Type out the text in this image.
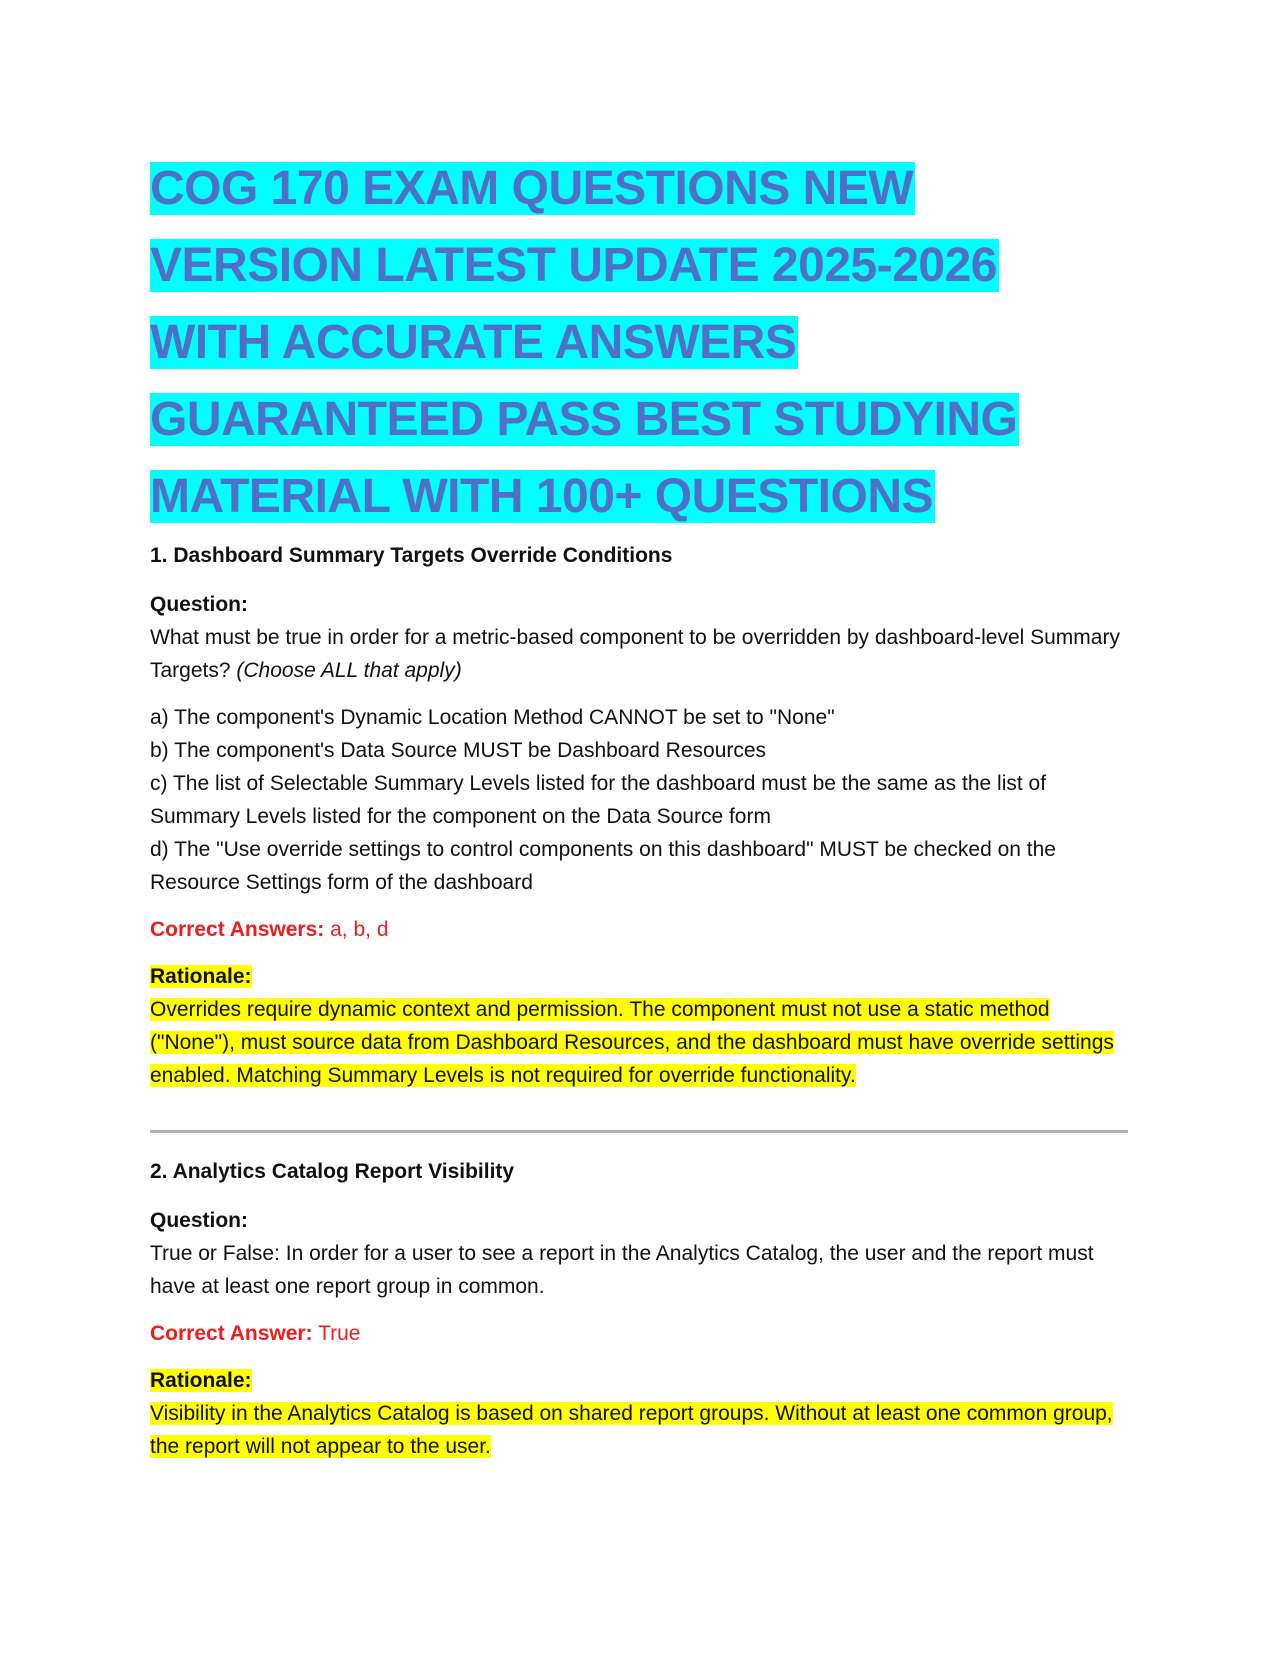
COG 170 EXAM QUESTIONS NEW
VERSION LATEST UPDATE 2025-2026
WITH ACCURATE ANSWERS
GUARANTEED PASS BEST STUDYING
MATERIAL WITH 100+ QUESTIONS

1. Dashboard Summary Targets Override Conditions

Question:

What must be true in order for a metric-based component to be overridden by dashboard-level Summary Targets? (Choose ALL that apply)

a) The component's Dynamic Location Method CANNOT be set to "None"
b) The component's Data Source MUST be Dashboard Resources
c) The list of Selectable Summary Levels listed for the dashboard must be the same as the list of Summary Levels listed for the component on the Data Source form
d) The "Use override settings to control components on this dashboard" MUST be checked on the Resource Settings form of the dashboard

Correct Answers: a, b, d

Rationale:

Overrides require dynamic context and permission. The component must not use a static method ("None"), must source data from Dashboard Resources, and the dashboard must have override settings enabled. Matching Summary Levels is not required for override functionality.

2. Analytics Catalog Report Visibility

Question:

True or False: In order for a user to see a report in the Analytics Catalog, the user and the report must have at least one report group in common.

Correct Answer: True

Rationale:

Visibility in the Analytics Catalog is based on shared report groups. Without at least one common group, the report will not appear to the user.
